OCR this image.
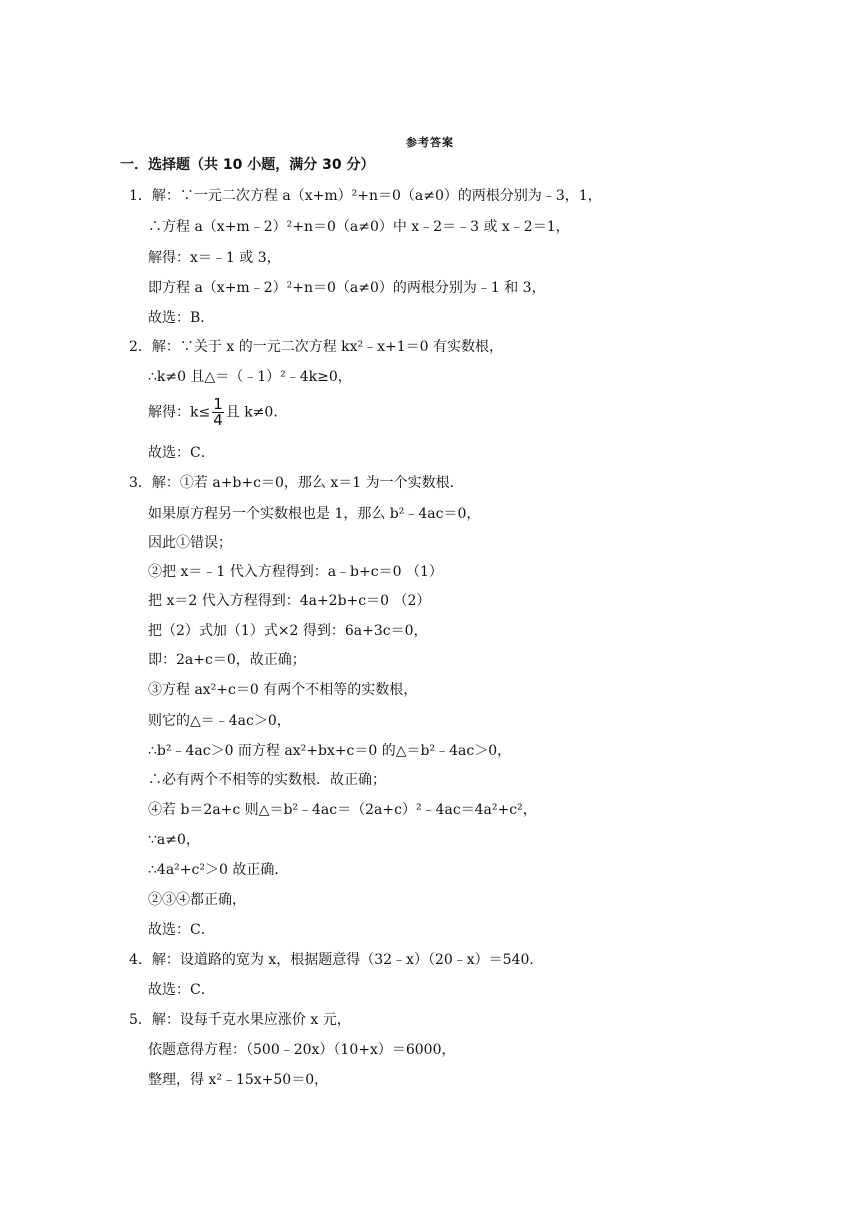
参考答案
一．选择题（共 10 小题，满分 30 分）
1．解：∵一元二次方程 a（x+m）²+n＝0（a≠0）的两根分别为﹣3，1，
∴方程 a（x+m﹣2）²+n＝0（a≠0）中 x﹣2＝﹣3 或 x﹣2＝1，
解得：x＝﹣1 或 3，
即方程 a（x+m﹣2）²+n＝0（a≠0）的两根分别为﹣1 和 3，
故选：B．
2．解：∵关于 x 的一元二次方程 kx²﹣x+1＝0 有实数根，
∴k≠0 且△＝（﹣1）²﹣4k≥0，
解得：$k\le \frac{1}{4}$ 且 k≠0．
故选：C．
3．解：①若 a+b+c＝0，那么 x＝1 为一个实数根．
如果原方程另一个实数根也是 1，那么 b²﹣4ac＝0，
因此①错误；
②把 x＝﹣1 代入方程得到：a﹣b+c＝0 （1）
把 x＝2 代入方程得到：4a+2b+c＝0 （2）
把（2）式加（1）式×2 得到：6a+3c＝0，
即：2a+c＝0，故正确；
③方程 ax²+c＝0 有两个不相等的实数根，
则它的△＝﹣4ac＞0，
∴b²﹣4ac＞0 而方程 ax²+bx+c＝0 的△＝b²﹣4ac＞0，
∴必有两个不相等的实数根．故正确；
④若 b＝2a+c 则△＝b²﹣4ac＝（2a+c）²﹣4ac＝4a²+c²，
∵a≠0，
∴4a²+c²＞0 故正确．
②③④都正确，
故选：C．
4．解：设道路的宽为 x，根据题意得（32﹣x）（20﹣x）＝540．
故选：C．
5．解：设每千克水果应涨价 x 元，
依题意得方程：（500﹣20x）（10+x）＝6000，
整理，得 x²﹣15x+50＝0，
